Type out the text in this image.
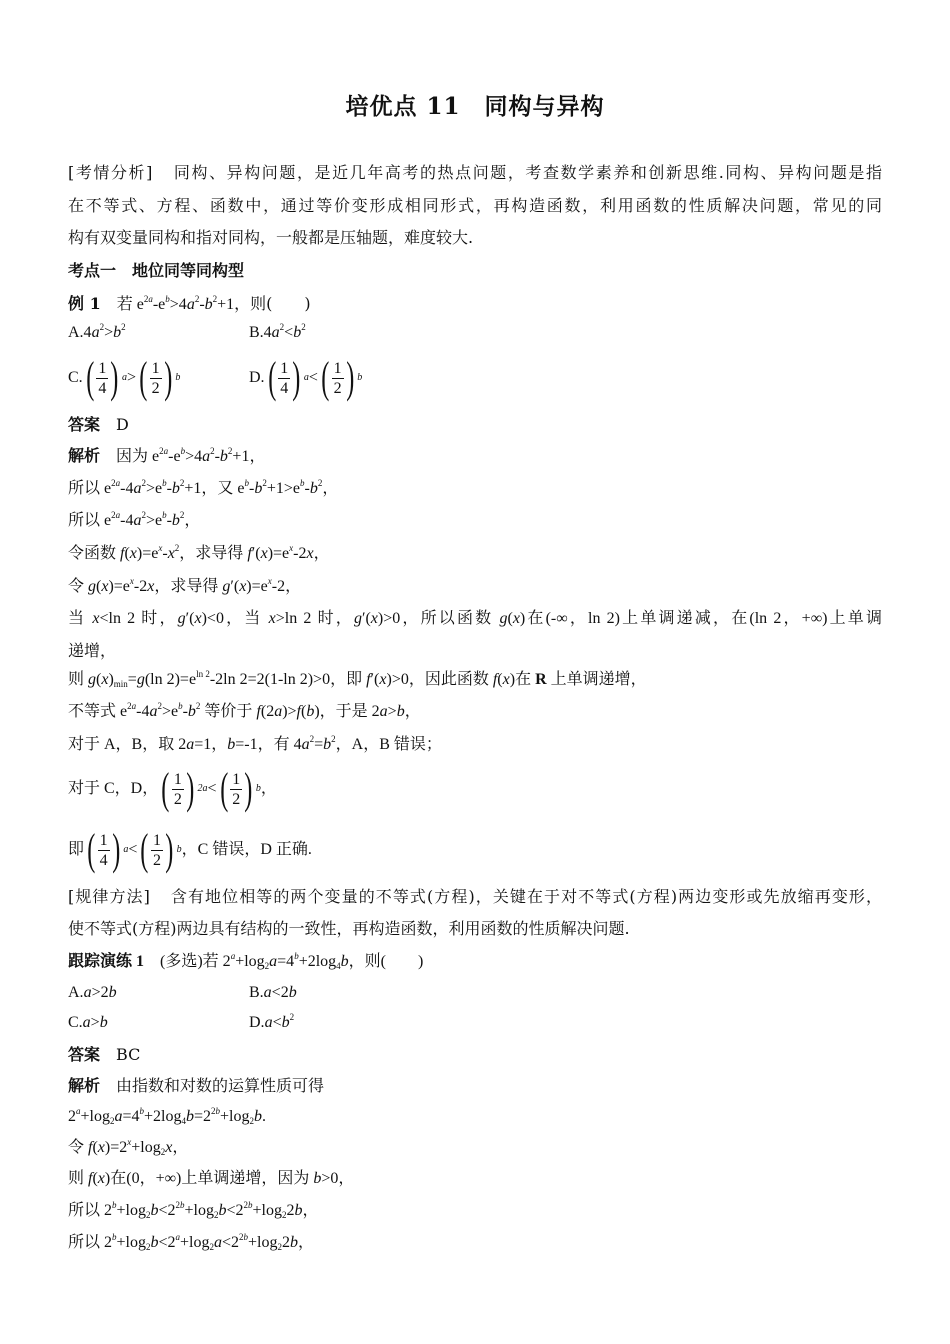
培优点 11　同构与异构
[考情分析] 同构、异构问题，是近几年高考的热点问题，考查数学素养和创新思维.同构、异构问题是指
在不等式、方程、函数中，通过等价变形成相同形式，再构造函数，利用函数的性质解决问题，常见的同
构有双变量同构和指对同构，一般都是压轴题，难度较大.
考点一　地位同等同构型
例 1　 若 $e^{2a}-e^b>4a^2-b^2+1$，则(　　)
$A.4a^2>b^2$	$B.4a^2<b^2$
C. ( $\frac{1}{4}$ ) a > ( $\frac{1}{2}$ ) b	D. ( $\frac{1}{4}$ ) a < ( $\frac{1}{2}$ ) b
答案　 D
解析　因为 $e^{2a}-e^b>4a^2-b^2+1$，
所以 $e^{2a}-4a^2>e^b-b^2+1$，又 $e^b-b^2+1>e^b-b^2$，
所以 $e^{2a}-4a^2>e^b-b^2$，
令函数 $f(x)=e^x-x^2$，求导得 $f'(x)=e^x-2x$，
令 $g(x)=e^x-2x$，求导得 $g'(x)=e^x-2$，
当 x<ln 2 时，g′(x)<0，当 x>ln 2 时，g′(x)>0，所以函数 g(x)在(-∞，ln 2)上单调递减，在(ln 2，+∞)上单调
递增，
则 $g(x)_{min}=g(\ln$ $2)=e^{ln 2}-2\ln$ 2=2(1-ln 2)>0，即 f′(x)>0，因此函数 f(x)在 R 上单调递增，
不等式 $e^{2a}-4a^2>e^b-b^2$ 等价于 f(2a)>f(b)，于是 2a>b，
对于 A，B，取 2a=1，b=-1，有 $4a^2=b^2$，A，B 错误；
对于 C，D， ( $\frac{1}{2}$ ) 2a < ( $\frac{1}{2}$ ) b ，
即 ( $\frac{1}{4}$ ) a < ( $\frac{1}{2}$ ) b ，C 错误，D 正确.
[规律方法] 含有地位相等的两个变量的不等式(方程)，关键在于对不等式(方程)两边变形或先放缩再变形，
使不等式(方程)两边具有结构的一致性，再构造函数，利用函数的性质解决问题.
跟踪演练 1　(多选)若 $2^a+\log_2a=4^b+2\log_4b$，则(　　)
A.a>2b	B.a<2b
C.a>b	$D.a<b^2$
答案　 BC
解析　 由指数和对数的运算性质可得
$2^a+\log_2a=4^b+2\log_4b=2^{2b}+\log_2b$.
令 $f(x)=2^x+\log_2x$，
则 f(x)在(0，+∞)上单调递增，因为 b>0，
所以 $2^b+\log_2b<2^{2b}+\log_2b<2^{2b}+\log_22b$，
所以 $2^b+\log_2b<2^a+\log_2a<2^{2b}+\log_22b$，
